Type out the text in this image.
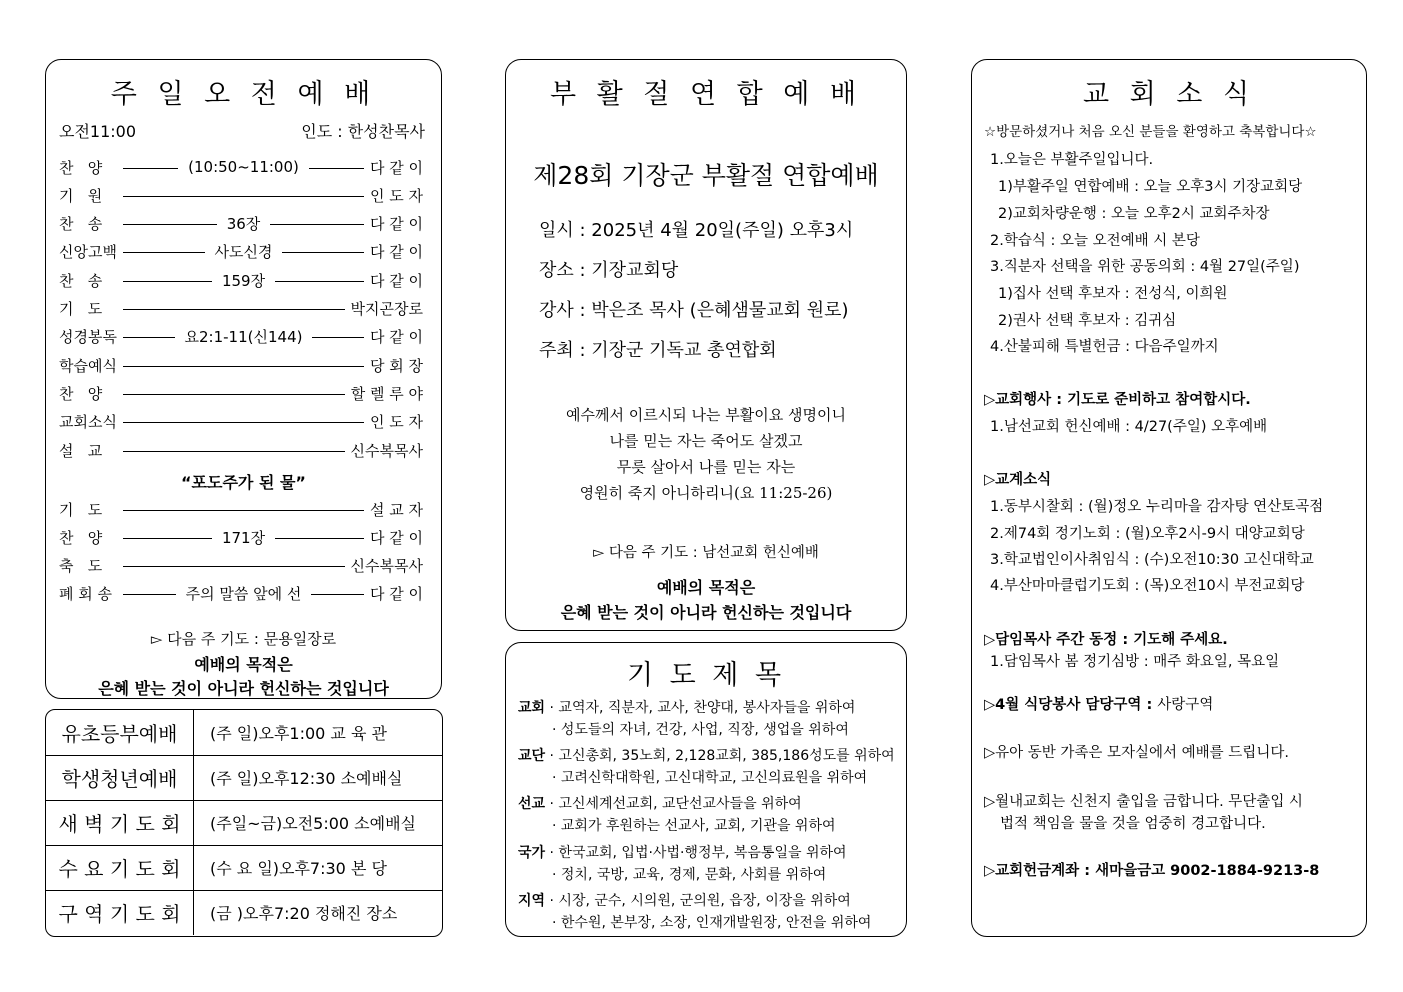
주 일 오 전 예 배
오전11:00	인도 : 한성찬목사
찬   양	(10:50~11:00)	다 같 이
기   원	인 도 자
찬   송	36장	다 같 이
신앙고백	사도신경	다 같 이
찬   송	159장	다 같 이
기   도	박지곤장로
성경봉독	요2:1-11(신144)	다 같 이
학습예식	당 회 장
찬   양	할 렐 루 야
교회소식	인 도 자
설   교	신수복목사
“포도주가 된 물”
기   도	설 교 자
찬   양	171장	다 같 이
축   도	신수복목사
폐 회 송	주의 말씀 앞에 선	다 같 이
▻ 다음 주 기도 : 문용일장로
예배의 목적은
은혜 받는 것이 아니라 헌신하는 것입니다
유초등부예배	(주 일)오후1:00 교 육 관
학생청년예배	(주 일)오후12:30 소예배실
새 벽 기 도 회	(주일~금)오전5:00 소예배실
수 요 기 도 회	(수 요 일)오후7:30 본 당
구 역 기 도 회	(금 )오후7:20 정해진 장소
부 활 절 연 합 예 배
제28회 기장군 부활절 연합예배
일시 : 2025년 4월 20일(주일) 오후3시
장소 : 기장교회당
강사 : 박은조 목사 (은혜샘물교회 원로)
주최 : 기장군 기독교 총연합회
예수께서 이르시되 나는 부활이요 생명이니
나를 믿는 자는 죽어도 살겠고
무릇 살아서 나를 믿는 자는
영원히 죽지 아니하리니(요 11:25-26)
▻ 다음 주 기도 : 남선교회 헌신예배
예배의 목적은
은혜 받는 것이 아니라 헌신하는 것입니다
기 도 제 목
교회 · 교역자, 직분자, 교사, 찬양대, 봉사자들을 위하여
· 성도들의 자녀, 건강, 사업, 직장, 생업을 위하여
교단 · 고신총회, 35노회, 2,128교회, 385,186성도를 위하여
· 고려신학대학원, 고신대학교, 고신의료원을 위하여
선교 · 고신세계선교회, 교단선교사들을 위하여
· 교회가 후원하는 선교사, 교회, 기관을 위하여
국가 · 한국교회, 입법·사법·행정부, 복음통일을 위하여
· 정치, 국방, 교육, 경제, 문화, 사회를 위하여
지역 · 시장, 군수, 시의원, 군의원, 읍장, 이장을 위하여
· 한수원, 본부장, 소장, 인재개발원장, 안전을 위하여
교 회 소 식
☆방문하셨거나 처음 오신 분들을 환영하고 축복합니다☆
1.오늘은 부활주일입니다.
1)부활주일 연합예배 : 오늘 오후3시 기장교회당
2)교회차량운행 : 오늘 오후2시 교회주차장
2.학습식 : 오늘 오전예배 시 본당
3.직분자 선택을 위한 공동의회 : 4월 27일(주일)
1)집사 선택 후보자 : 전성식, 이희원
2)권사 선택 후보자 : 김귀심
4.산불피해 특별헌금 : 다음주일까지
▷교회행사 : 기도로 준비하고 참여합시다.
1.남선교회 헌신예배 : 4/27(주일) 오후예배
▷교계소식
1.동부시찰회 : (월)정오 누리마을 감자탕 연산토곡점
2.제74회 정기노회 : (월)오후2시-9시 대양교회당
3.학교법인이사취임식 : (수)오전10:30 고신대학교
4.부산마마클럽기도회 : (목)오전10시 부전교회당
▷담임목사 주간 동정 : 기도해 주세요.
1.담임목사 봄 정기심방 : 매주 화요일, 목요일
▷4월 식당봉사 담당구역 : 사랑구역
▷유아 동반 가족은 모자실에서 예배를 드립니다.
▷월내교회는 신천지 출입을 금합니다. 무단출입 시
법적 책임을 물을 것을 엄중히 경고합니다.
▷교회헌금계좌 : 새마을금고 9002-1884-9213-8
